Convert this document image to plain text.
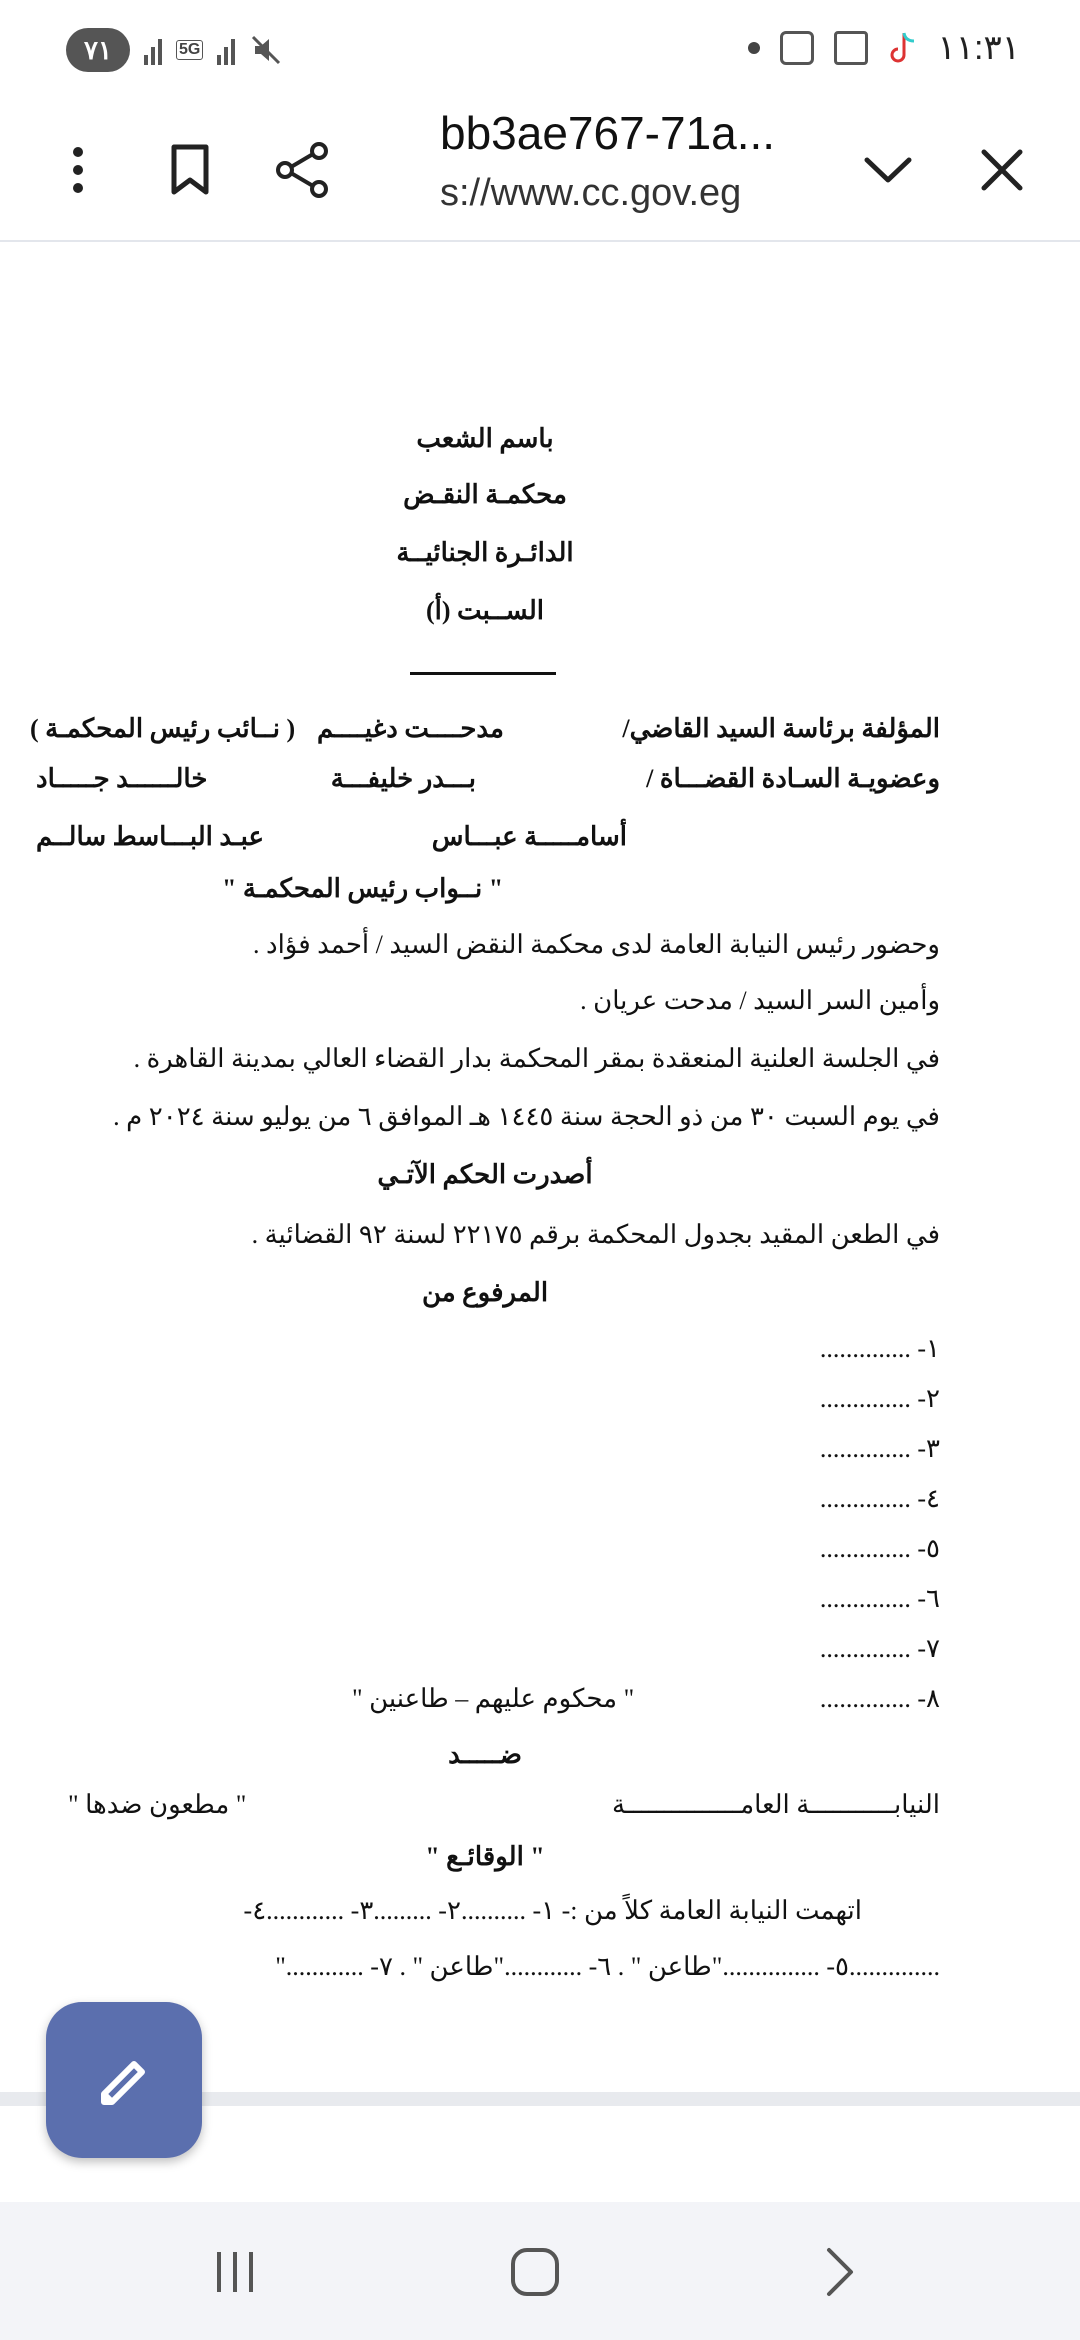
٧١	5G	١١:٣١
bb3ae767-71a...
s://www.cc.gov.eg
باسم الشعب
محكمـة النقـض
الدائـرة الجنائيــة
الســبت (أ)
المؤلفة برئاسة السيد القاضي/
مدحــــت دغيــــم
( نــائب رئيس المحكمـة )
وعضويـة السـادة القضـــاة /
بـــدر خليفـــة
خالــــــد جـــــاد
أسامـــــة عبـــاس
عبـد البـــاسط سالــم
" نــواب رئيس المحكمـة "
وحضور رئيس النيابة العامة لدى محكمة النقض السيد / أحمد فؤاد .
وأمين السر السيد / مدحت عريان .
في الجلسة العلنية المنعقدة بمقر المحكمة بدار القضاء العالي بمدينة القاهرة .
في يوم السبت ٣٠ من ذو الحجة سنة ١٤٤٥ هـ الموافق ٦ من يوليو سنة ٢٠٢٤ م .
أصدرت الحكم الآتـي
في الطعن المقيد بجدول المحكمة برقم ٢٢١٧٥ لسنة ٩٢ القضائية .
المرفوع من
١- ..............
٢- ..............
٣- ..............
٤- ..............
٥- ..............
٦- ..............
٧- ..............
٨- ..............
" محكوم عليهم – طاعنين "
ضـــــد
النيابـــــــــــة العامـــــــــــــــة
" مطعون ضدها "
" الوقائـع "
اتهمت النيابة العامة كلاً من :- ١- ..........٢- .........٣- ............٤-
..............٥- ..............."طاعن " . ٦- ............"طاعن " . ٧- ............"
